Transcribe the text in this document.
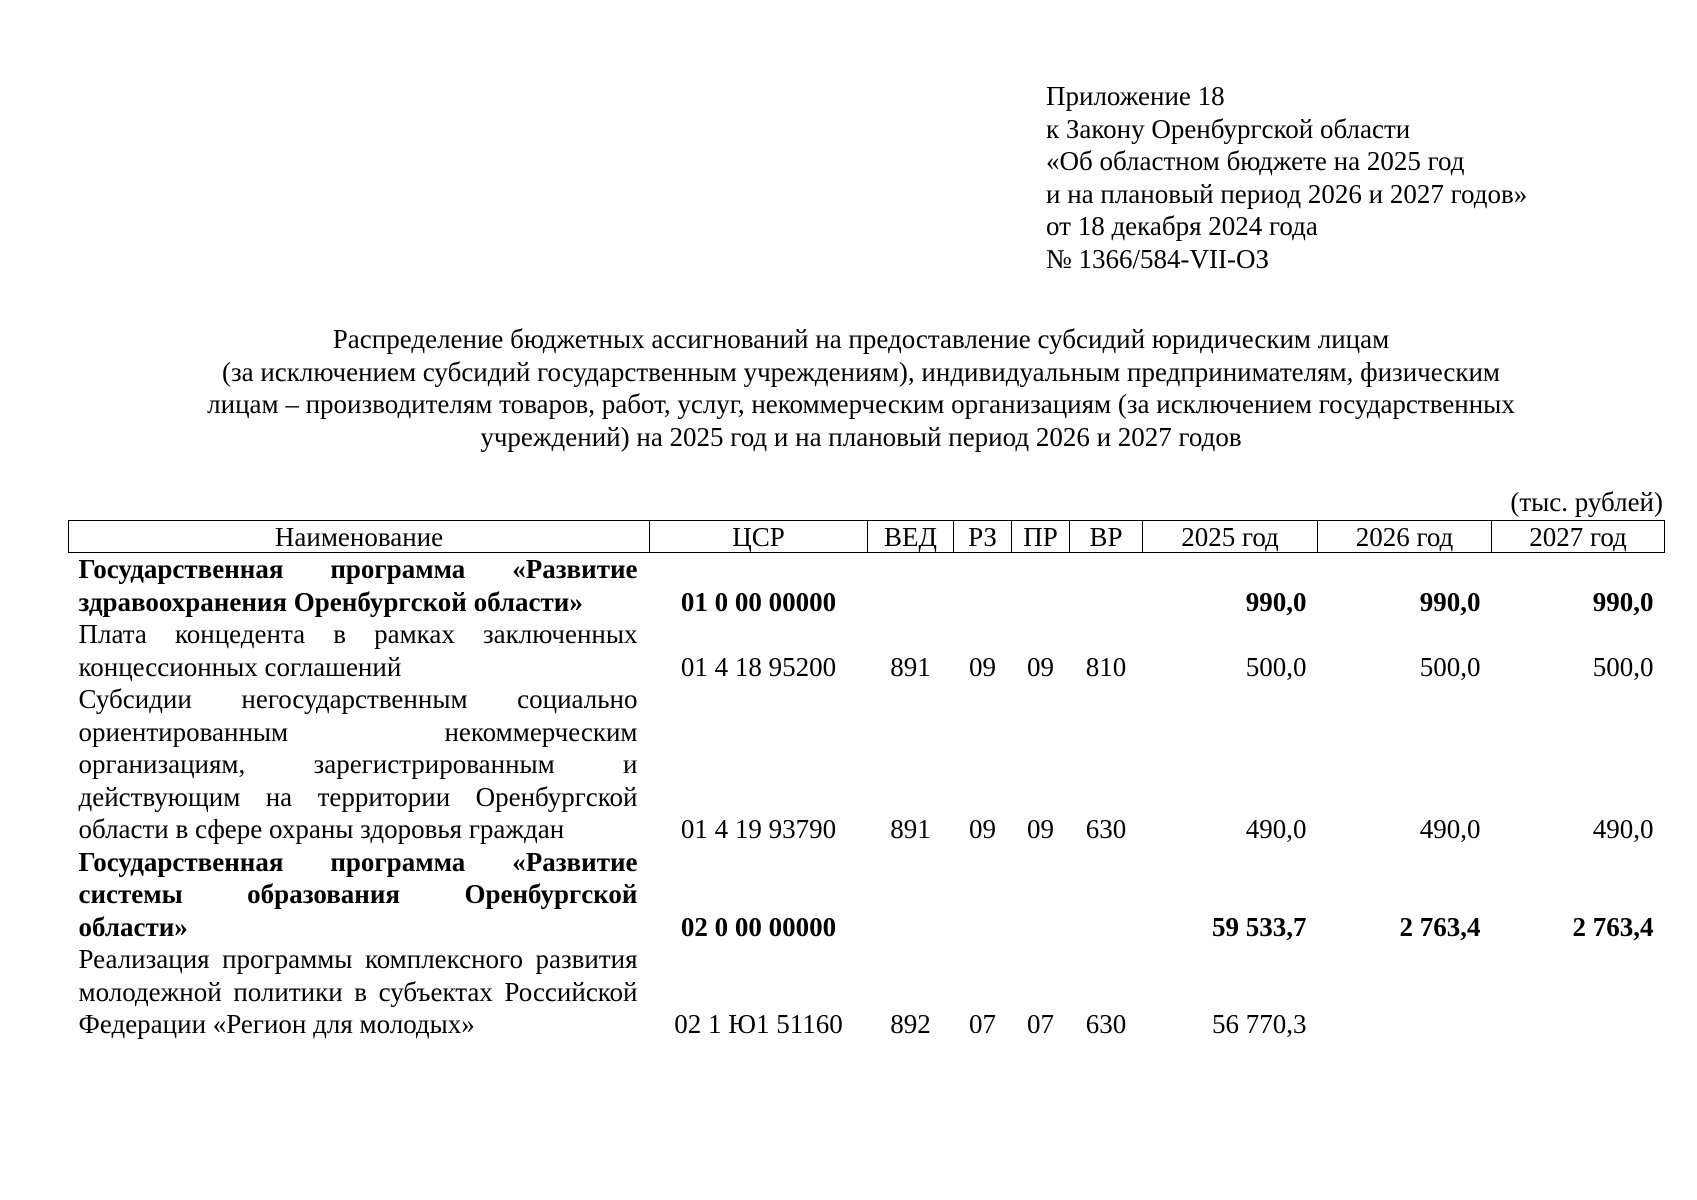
Приложение 18
к Закону Оренбургской области
«Об областном бюджете на 2025 год
и на плановый период 2026 и 2027 годов»
от 18 декабря 2024 года
№ 1366/584-VII-ОЗ
Распределение бюджетных ассигнований на предоставление субсидий юридическим лицам
(за исключением субсидий государственным учреждениям), индивидуальным предпринимателям, физическим
лицам – производителям товаров, работ, услуг, некоммерческим организациям (за исключением государственных
учреждений) на 2025 год и на плановый период 2026 и 2027 годов
(тыс. рублей)
Наименование	ЦСР	ВЕД	РЗ	ПР	ВР	2025 год	2026 год	2027 год
Государственная программа «Развитие здравоохранения Оренбургской области»	01 0 00 00000					990,0	990,0	990,0
Плата концедента в рамках заключенных концессионных соглашений	01 4 18 95200	891	09	09	810	500,0	500,0	500,0
Субсидии негосударственным социально ориентированным некоммерческим организациям, зарегистрированным и действующим на территории Оренбургской области в сфере охраны здоровья граждан	01 4 19 93790	891	09	09	630	490,0	490,0	490,0
Государственная программа «Развитие системы образования Оренбургской области»	02 0 00 00000					59 533,7	2 763,4	2 763,4
Реализация программы комплексного развития молодежной политики в субъектах Российской Федерации «Регион для молодых»	02 1 Ю1 51160	892	07	07	630	56 770,3		
